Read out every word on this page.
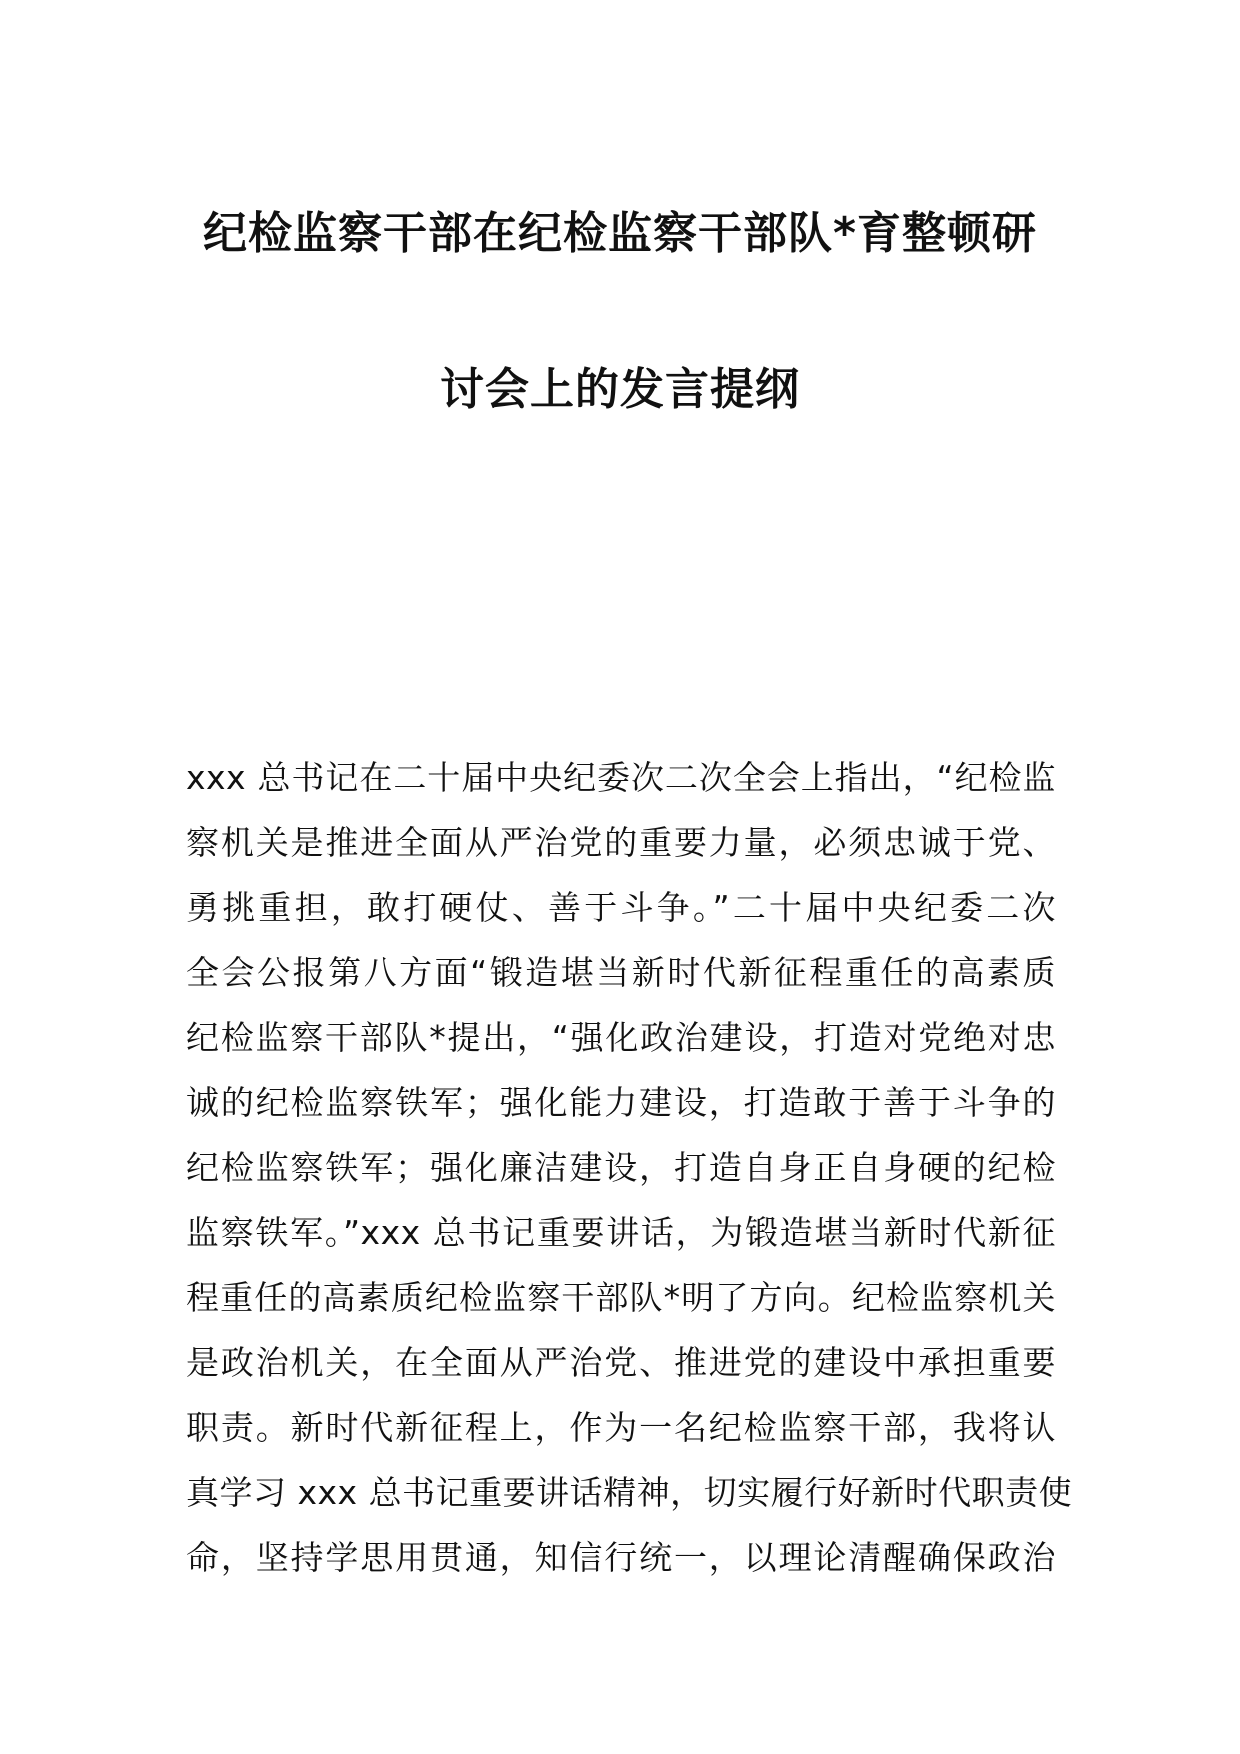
纪检监察干部在纪检监察干部队*育整顿研
讨会上的发言提纲
xxx 总书记在二十届中央纪委次二次全会上指出，“纪检监
察机关是推进全面从严治党的重要力量，必须忠诚于党、
勇挑重担，敢打硬仗、善于斗争。”二十届中央纪委二次
全会公报第八方面“锻造堪当新时代新征程重任的高素质
纪检监察干部队*提出，“强化政治建设，打造对党绝对忠
诚的纪检监察铁军；强化能力建设，打造敢于善于斗争的
纪检监察铁军；强化廉洁建设，打造自身正自身硬的纪检
监察铁军。”xxx 总书记重要讲话，为锻造堪当新时代新征
程重任的高素质纪检监察干部队*明了方向。纪检监察机关
是政治机关，在全面从严治党、推进党的建设中承担重要
职责。新时代新征程上，作为一名纪检监察干部，我将认
真学习 xxx 总书记重要讲话精神，切实履行好新时代职责使
命，坚持学思用贯通，知信行统一，以理论清醒确保政治
